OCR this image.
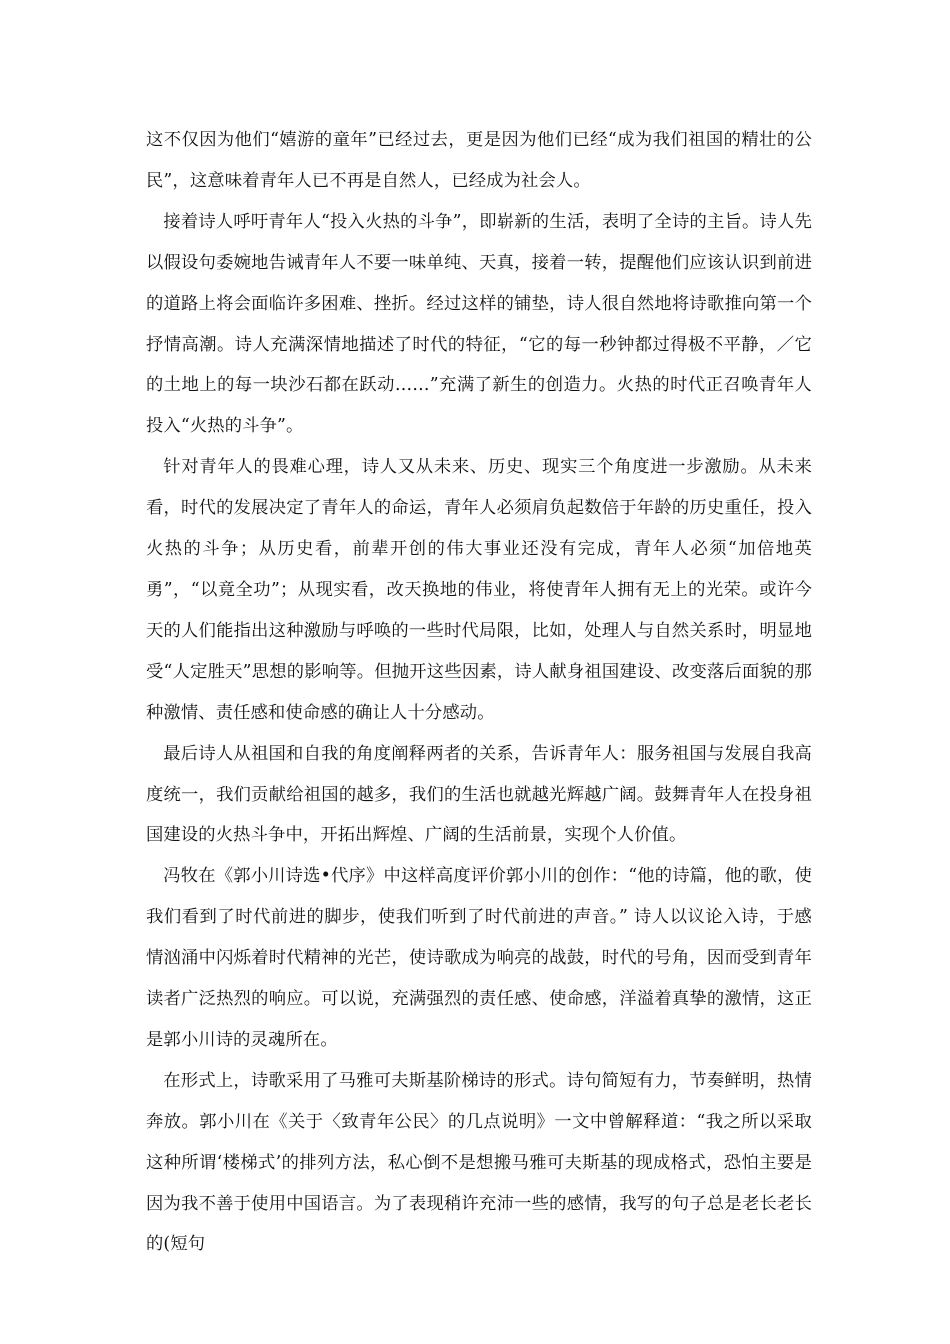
这不仅因为他们“嬉游的童年”已经过去，更是因为他们已经“成为我们祖国的精壮的公民”，这意味着青年人已不再是自然人，已经成为社会人。

接着诗人呼吁青年人“投入火热的斗争”，即崭新的生活，表明了全诗的主旨。诗人先以假设句委婉地告诫青年人不要一味单纯、天真，接着一转，提醒他们应该认识到前进的道路上将会面临许多困难、挫折。经过这样的铺垫，诗人很自然地将诗歌推向第一个抒情高潮。诗人充满深情地描述了时代的特征，“它的每一秒钟都过得极不平静，／它的土地上的每一块沙石都在跃动……”充满了新生的创造力。火热的时代正召唤青年人投入“火热的斗争”。

针对青年人的畏难心理，诗人又从未来、历史、现实三个角度进一步激励。从未来看，时代的发展决定了青年人的命运，青年人必须肩负起数倍于年龄的历史重任，投入火热的斗争；从历史看，前辈开创的伟大事业还没有完成，青年人必须“加倍地英勇”，“以竟全功”；从现实看，改天换地的伟业，将使青年人拥有无上的光荣。或许今天的人们能指出这种激励与呼唤的一些时代局限，比如，处理人与自然关系时，明显地受“人定胜天”思想的影响等。但抛开这些因素，诗人献身祖国建设、改变落后面貌的那种激情、责任感和使命感的确让人十分感动。

最后诗人从祖国和自我的角度阐释两者的关系，告诉青年人：服务祖国与发展自我高度统一，我们贡献给祖国的越多，我们的生活也就越光辉越广阔。鼓舞青年人在投身祖国建设的火热斗争中，开拓出辉煌、广阔的生活前景，实现个人价值。

冯牧在《郭小川诗选•代序》中这样高度评价郭小川的创作：“他的诗篇，他的歌，使我们看到了时代前进的脚步，使我们听到了时代前进的声音。” 诗人以议论入诗，于感情汹涌中闪烁着时代精神的光芒，使诗歌成为响亮的战鼓，时代的号角，因而受到青年读者广泛热烈的响应。可以说，充满强烈的责任感、使命感，洋溢着真挚的激情，这正是郭小川诗的灵魂所在。

在形式上，诗歌采用了马雅可夫斯基阶梯诗的形式。诗句简短有力，节奏鲜明，热情奔放。郭小川在《关于〈致青年公民〉的几点说明》一文中曾解释道：“我之所以采取这种所谓‘楼梯式’的排列方法，私心倒不是想搬马雅可夫斯基的现成格式，恐怕主要是因为我不善于使用中国语言。为了表现稍许充沛一些的感情，我写的句子总是老长老长的(短句
